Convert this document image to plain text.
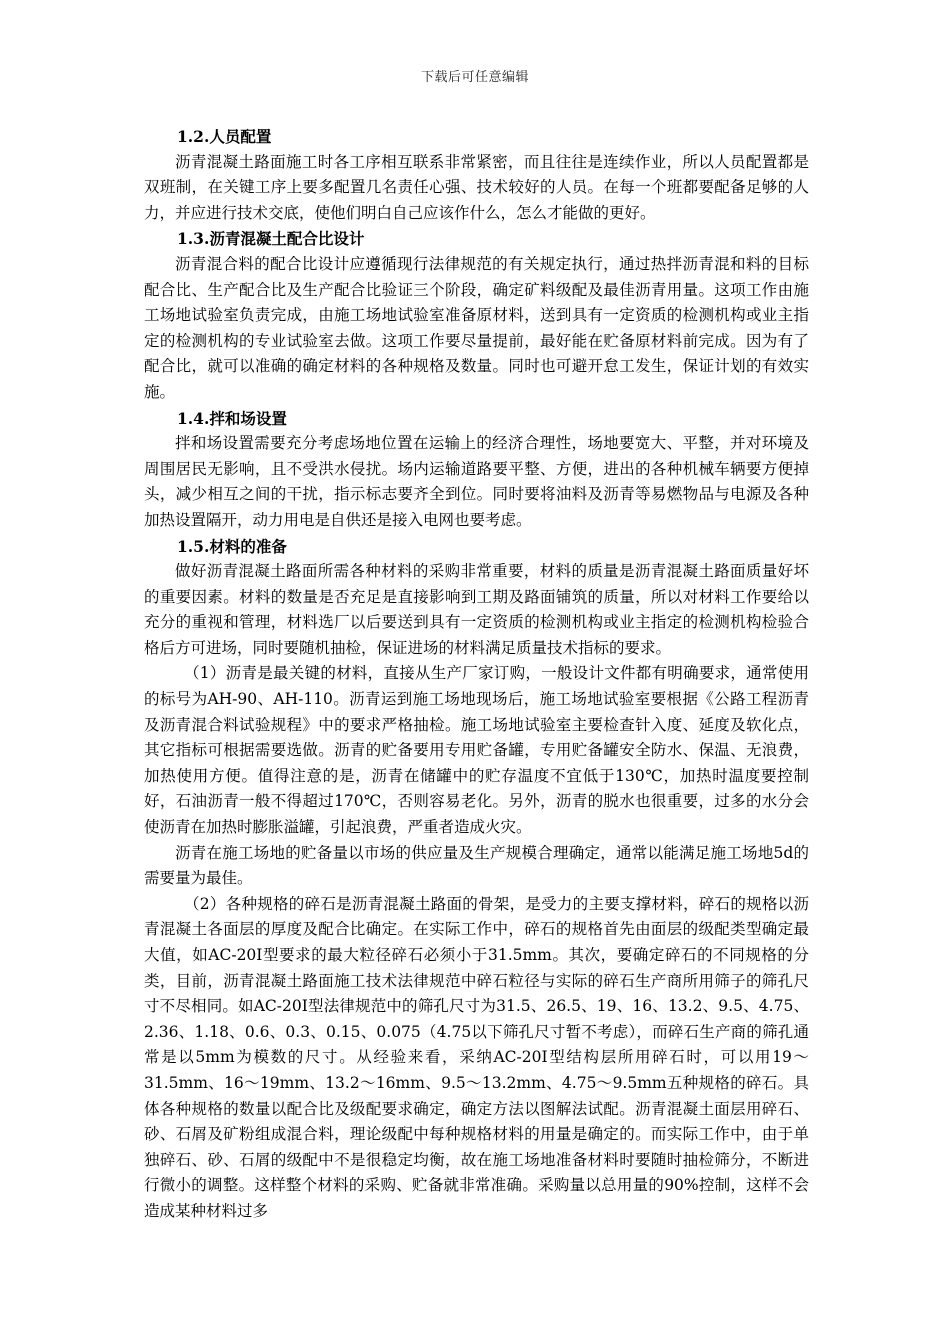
下载后可任意编辑

1.2.人员配置

沥青混凝土路面施工时各工序相互联系非常紧密，而且往往是连续作业，所以人员配置都是双班制，在关键工序上要多配置几名责任心强、技术较好的人员。在每一个班都要配备足够的人力，并应进行技术交底，使他们明白自己应该作什么，怎么才能做的更好。

1.3.沥青混凝土配合比设计

沥青混合料的配合比设计应遵循现行法律规范的有关规定执行，通过热拌沥青混和料的目标配合比、生产配合比及生产配合比验证三个阶段，确定矿料级配及最佳沥青用量。这项工作由施工场地试验室负责完成，由施工场地试验室准备原材料，送到具有一定资质的检测机构或业主指定的检测机构的专业试验室去做。这项工作要尽量提前，最好能在贮备原材料前完成。因为有了配合比，就可以准确的确定材料的各种规格及数量。同时也可避开怠工发生，保证计划的有效实施。

1.4.拌和场设置

拌和场设置需要充分考虑场地位置在运输上的经济合理性，场地要宽大、平整，并对环境及周围居民无影响，且不受洪水侵扰。场内运输道路要平整、方便，进出的各种机械车辆要方便掉头，减少相互之间的干扰，指示标志要齐全到位。同时要将油料及沥青等易燃物品与电源及各种加热设置隔开，动力用电是自供还是接入电网也要考虑。

1.5.材料的准备

做好沥青混凝土路面所需各种材料的采购非常重要，材料的质量是沥青混凝土路面质量好坏的重要因素。材料的数量是否充足是直接影响到工期及路面铺筑的质量，所以对材料工作要给以充分的重视和管理，材料选厂以后要送到具有一定资质的检测机构或业主指定的检测机构检验合格后方可进场，同时要随机抽检，保证进场的材料满足质量技术指标的要求。

（1）沥青是最关键的材料，直接从生产厂家订购，一般设计文件都有明确要求，通常使用的标号为AH-90、AH-110。沥青运到施工场地现场后，施工场地试验室要根据《公路工程沥青及沥青混合料试验规程》中的要求严格抽检。施工场地试验室主要检查针入度、延度及软化点，其它指标可根据需要选做。沥青的贮备要用专用贮备罐，专用贮备罐安全防水、保温、无浪费，加热使用方便。值得注意的是，沥青在储罐中的贮存温度不宜低于130℃，加热时温度要控制好，石油沥青一般不得超过170℃，否则容易老化。另外，沥青的脱水也很重要，过多的水分会使沥青在加热时膨胀溢罐，引起浪费，严重者造成火灾。

沥青在施工场地的贮备量以市场的供应量及生产规模合理确定，通常以能满足施工场地5d的需要量为最佳。

（2）各种规格的碎石是沥青混凝土路面的骨架，是受力的主要支撑材料，碎石的规格以沥青混凝土各面层的厚度及配合比确定。在实际工作中，碎石的规格首先由面层的级配类型确定最大值，如AC-20I型要求的最大粒径碎石必须小于31.5mm。其次，要确定碎石的不同规格的分类，目前，沥青混凝土路面施工技术法律规范中碎石粒径与实际的碎石生产商所用筛子的筛孔尺寸不尽相同。如AC-20I型法律规范中的筛孔尺寸为31.5、26.5、19、16、13.2、9.5、4.75、2.36、1.18、0.6、0.3、0.15、0.075（4.75以下筛孔尺寸暂不考虑），而碎石生产商的筛孔通常是以5mm为模数的尺寸。从经验来看，采纳AC-20I型结构层所用碎石时，可以用19～31.5mm、16～19mm、13.2～16mm、9.5～13.2mm、4.75～9.5mm五种规格的碎石。具体各种规格的数量以配合比及级配要求确定，确定方法以图解法试配。沥青混凝土面层用碎石、砂、石屑及矿粉组成混合料，理论级配中每种规格材料的用量是确定的。而实际工作中，由于单独碎石、砂、石屑的级配中不是很稳定均衡，故在施工场地准备材料时要随时抽检筛分，不断进行微小的调整。这样整个材料的采购、贮备就非常准确。采购量以总用量的90%控制，这样不会造成某种材料过多
